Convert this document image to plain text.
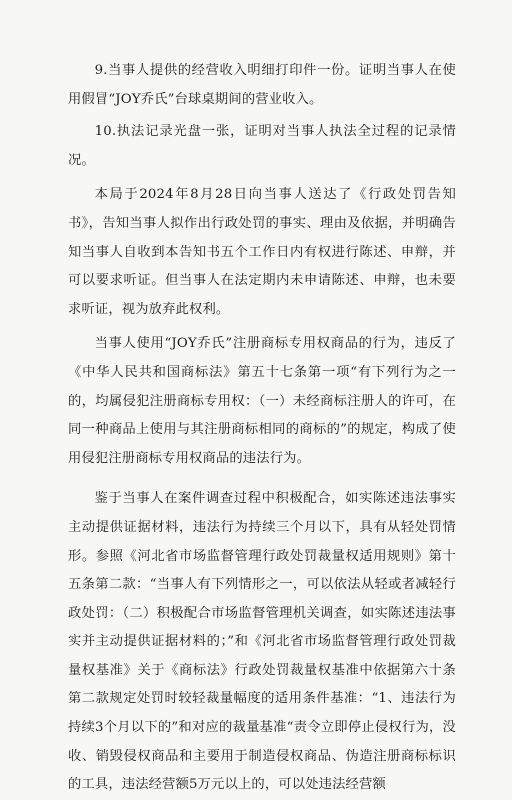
9.当事人提供的经营收入明细打印件一份。证明当事人在使用假冒“JOY乔氏”台球桌期间的营业收入。

10.执法记录光盘一张，证明对当事人执法全过程的记录情况。

本局于2024年8月28日向当事人送达了《行政处罚告知书》，告知当事人拟作出行政处罚的事实、理由及依据，并明确告知当事人自收到本告知书五个工作日内有权进行陈述、申辩，并可以要求听证。但当事人在法定期内未申请陈述、申辩，也未要求听证，视为放弃此权利。

当事人使用“JOY乔氏”注册商标专用权商品的行为，违反了《中华人民共和国商标法》第五十七条第一项“有下列行为之一的，均属侵犯注册商标专用权：（一）未经商标注册人的许可，在同一种商品上使用与其注册商标相同的商标的”的规定，构成了使用侵犯注册商标专用权商品的违法行为。

鉴于当事人在案件调查过程中积极配合，如实陈述违法事实主动提供证据材料，违法行为持续三个月以下，具有从轻处罚情形。参照《河北省市场监督管理行政处罚裁量权适用规则》第十五条第二款：“当事人有下列情形之一，可以依法从轻或者减轻行政处罚：（二）积极配合市场监督管理机关调查，如实陈述违法事实并主动提供证据材料的；”和《河北省市场监督管理行政处罚裁量权基准》关于《商标法》行政处罚裁量权基准中依据第六十条第二款规定处罚时较轻裁量幅度的适用条件基准：“1、违法行为持续3个月以下的”和对应的裁量基准“责令立即停止侵权行为，没收、销毁侵权商品和主要用于制造侵权商品、伪造注册商标标识的工具，违法经营额5万元以上的，可以处违法经营额
